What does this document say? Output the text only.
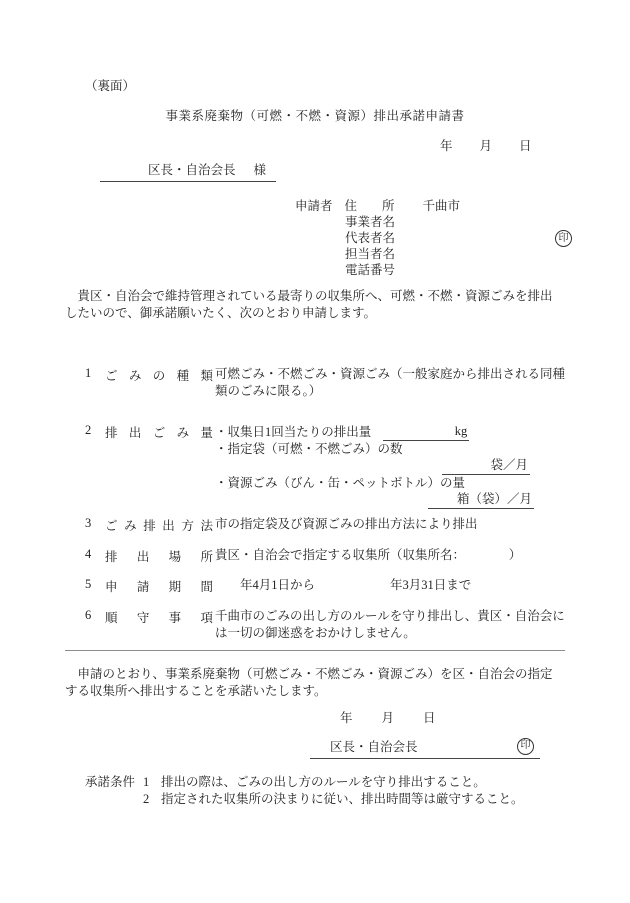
（裏面）
事業系廃棄物（可燃・不燃・資源）排出承諾申請書
年 月 日
区長・自治会長 様
申請者 住　　所 千曲市
事業者名
代表者名	印
担当者名
電話番号
貴区・自治会で維持管理されている最寄りの収集所へ、可燃・不燃・資源ごみを排出したいので、御承諾願いたく、次のとおり申請します。
1	ご み の 種 類 可燃ごみ・不燃ごみ・資源ごみ（一般家庭から排出される同種類のごみに限る。）
2	排 出 ご み 量 ・収集日1回当たりの排出量	kg
・指定袋（可燃・不燃ごみ）の数
袋／月
・資源ごみ（びん・缶・ペットボトル）の量
箱（袋）／月
3	ごみ排出方法 市の指定袋及び資源ごみの排出方法により排出
4	排 出 場 所 貴区・自治会で指定する収集所（収集所名：　　　　）
5	申 請 期 間 　　年4月1日から　　　　　　年3月31日まで
6	順 守 事 項 千曲市のごみの出し方のルールを守り排出し、貴区・自治会には一切の御迷惑をおかけしません。
申請のとおり、事業系廃棄物（可燃ごみ・不燃ごみ・資源ごみ）を区・自治会の指定する収集所へ排出することを承諾いたします。
年 月 日
区長・自治会長	印
承諾条件 1 排出の際は、ごみの出し方のルールを守り排出すること。
2 指定された収集所の決まりに従い、排出時間等は厳守すること。
